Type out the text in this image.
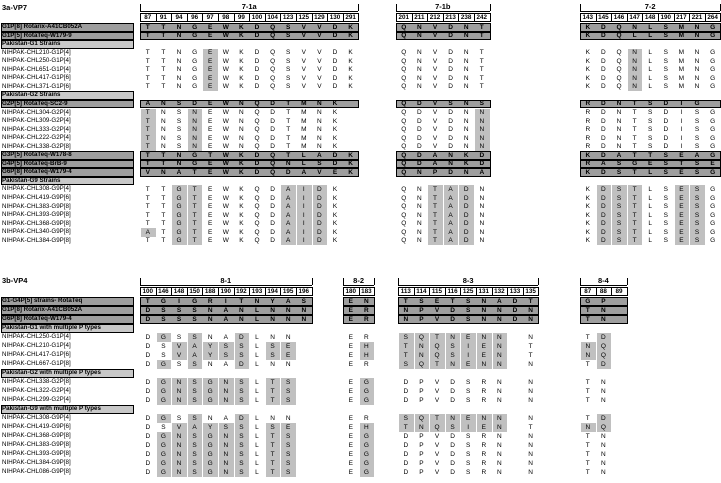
3a-VP7
3b-VP4
7-1a	7-1b	7-2
87	91	94	96	97	98	99	100 104 123 125 129 130 291	201 211 212 213 238 242	143 145 146 147 148 190 217 221 264
G1P[8] Rotarix-A41CB052A	T	T	N	G	E	W	K	D	Q	S	V	V	D	K	Q	N	V	D	N	T	K	D	Q	N	L	S	M	N	G
G1P[5] RotaTeq-W179-9	T	T	N	G	E	W	K	D	Q	S	V	V	D	K	Q	N	V	D	N	T	K	D	Q	L	L	S	M	N	G
Pakistan-G1 Strains
NIHPAK-CHL210-G1P[4]	T	T	N	G	E	W	K	D	Q	S	V	V	D	K	Q	N	V	D	N	T	K	D	Q	N	L	S	M	N	G
NIHPAK-CHL250-G1P[4]	T	T	N	G	E	W	K	D	Q	S	V	V	D	K	Q	N	V	D	N	T	K	D	Q	N	L	S	M	N	G
NIHPAK-CHL651-G1P[4]	T	T	N	G	E	W	K	D	Q	S	V	V	D	K	Q	N	V	D	N	T	K	D	Q	N	L	S	M	N	G
NIHPAK-CHL417-G1P[6]	T	T	N	G	E	W	K	D	Q	S	V	V	D	K	Q	N	V	D	N	T	K	D	Q	N	L	S	M	N	G
NIHPAK-CHL371-G1P[6]	T	T	N	G	E	W	K	D	Q	S	V	V	D	K	Q	N	V	D	N	T	K	D	Q	N	L	S	M	N	G
Pakistan-G2 Strains
G2P[5] RotaTeq-SC2-9	A	N	S	D	E	W	N	Q	D	T	M	N	K	Q	D	V	S	N	S	R	D	N	T	S	D	I	G
NIHPAK-CHL304-G2P[4]	T	N	S	N	E	W	N	Q	D	T	M	N	K	Q	D	V	D	N	N	R	D	N	T	S	D	I	S	G
NIHPAK-CHL309-G2P[4]	T	N	S	N	E	W	N	Q	D	T	M	N	K	Q	D	V	D	N	N	R	D	N	T	S	D	I	S	G
NIHPAK-CHL333-G2P[4]	T	N	S	N	E	W	N	Q	D	T	M	N	K	Q	D	V	D	N	N	R	D	N	T	S	D	I	S	G
NIHPAK-CHL222-G2P[4]	T	N	S	N	E	W	N	Q	D	T	M	N	K	Q	D	V	D	N	N	R	D	N	T	S	D	I	S	G
NIHPAK-CHL338-G2P[8]	T	N	S	N	E	W	N	Q	D	T	M	N	K	Q	D	V	D	N	N	R	D	N	T	S	D	I	S	G
G3P[5] RotaTeq-W178-8	T	T	N	G	T	W	K	D	Q	T	L	A	D	K	Q	D	A	N	K	D	K	D	A	T	T	S	E	A	G
G4P[5] RotaTeq-BrB-9	T	T	N	G	E	W	K	D	Q	N	L	S	D	K	Q	D	A	N	K	D	R	A	S	G	E	S	T	S	E
G6P[8] RotaTeq-W179-4	V	N	A	T	E	W	K	D	Q	D	A	V	E	K	Q	N	P	D	N	A	K	D	S	T	L	S	E	S	G
Pakistan-G9 Strains
NIHPAK-CHL308-G9P[4]	T	T	G	T	E	W	K	Q	D	A	I	D	K	Q	N	T	A	D	N	K	D	S	T	L	S	E	S	G
NIHPAK-CHL419-G9P[6]	T	T	G	T	E	W	K	Q	D	A	I	D	K	Q	N	T	A	D	N	K	D	S	T	L	S	E	S	G
NIHPAK-CHL383-G9P[8]	T	T	G	T	E	W	K	Q	D	A	I	D	K	Q	N	T	A	D	N	K	D	S	T	L	S	E	S	G
NIHPAK-CHL393-G9P[8]	T	T	G	T	E	W	K	Q	D	A	I	D	K	Q	N	T	A	D	N	K	D	S	T	L	S	E	S	G
NIHPAK-CHL368-G9P[8]	T	T	G	T	E	W	K	Q	D	A	I	D	K	Q	N	T	A	D	N	K	D	S	T	L	S	E	S	G
NIHPAK-CHL340-G9P[8]	A	T	G	T	E	W	K	Q	D	A	I	D	K	Q	N	T	A	D	N	K	D	S	T	L	S	E	S	G
NIHPAK-CHL384-G9P[8]	T	T	G	T	E	W	K	Q	D	A	I	D	K	Q	N	T	A	D	N	K	D	S	T	L	S	E	S	G
8-1	8-2	8-3	8-4
100 146 148 150 188 190 192 193 194 195 196	180 183	113 114 115 116 125 131 132 133 135	87	88	89
G1-G4P[5] strains- RotaTeq	T	G	I	G	R	I	T	N	Y	A	S	E	N	T	S	E	T	S	N	A	D	T	G	P
G1P[8] Rotarix-A41CB052A	D	S	S	S	N	A	N	L	N	N	N	E	R	N	P	V	D	S	N	N	D	N	T	N
G6P[8] RotaTeq-W179-4	D	S	S	S	N	A	N	L	N	N	N	E	R	N	P	V	D	S	N	N	D	N	T	N
Pakistan-G1 with multiple P types
NIHPAK-CHL250-G1P[4]	D	G	S	S	N	A	D	L	N	N	E	R	S	Q	T	N	E	N	N	N	T	D
NIHPAK-CHL210-G1P[4]	D	S	V	A	Y	S	S	L	S	E	E	H	T	N	Q	S	I	E	N	T	N	Q
NIHPAK-CHL417-G1P[6]	D	S	V	A	Y	S	S	L	S	E	E	H	T	N	Q	S	I	E	N	T	N	Q
NIHPAK-CHL667-G1P[8]	D	G	S	S	N	A	D	L	N	N	E	R	S	Q	T	N	E	N	N	N	T	D
Pakistan-G2 with multiple P types
NIHPAK-CHL338-G2P[8]	D	G	N	S	G	N	S	L	T	S	E	G	D	P	V	D	S	R	N	N	T	N
NIHPAK-CHL322-G2P[4]	D	G	N	S	G	N	S	L	T	S	E	G	D	P	V	D	S	R	N	N	T	N
NIHPAK-CHL299-G2P[4]	D	G	N	S	G	N	S	L	T	S	E	G	D	P	V	D	S	R	N	N	T	N
Pakistan-G9 with multiple P types
NIHPAK-CHL308-G9P[4]	D	G	S	S	N	A	D	L	N	N	E	R	S	Q	T	N	E	N	N	N	T	D
NIHPAK-CHL419-G9P[6]	D	S	V	A	Y	S	S	L	S	E	E	H	T	N	Q	S	I	E	N	T	N	Q
NIHPAK-CHL368-G9P[8]	D	G	N	S	G	N	S	L	T	S	E	G	D	P	V	D	S	R	N	N	T	N
NIHPAK-CHL383-G9P[8]	D	G	N	S	G	N	S	L	T	S	E	G	D	P	V	D	S	R	N	N	T	N
NIHPAK-CHL393-G9P[8]	D	G	N	S	G	N	S	L	T	S	E	G	D	P	V	D	S	R	N	N	T	N
NIHPAK-CHL384-G9P[8]	D	G	N	S	G	N	S	L	T	S	E	G	D	P	V	D	S	R	N	N	T	N
NIHPAK-CHL086-G9P[8]	D	G	N	S	G	N	S	L	T	S	E	G	D	P	V	D	S	R	N	N	T	N
